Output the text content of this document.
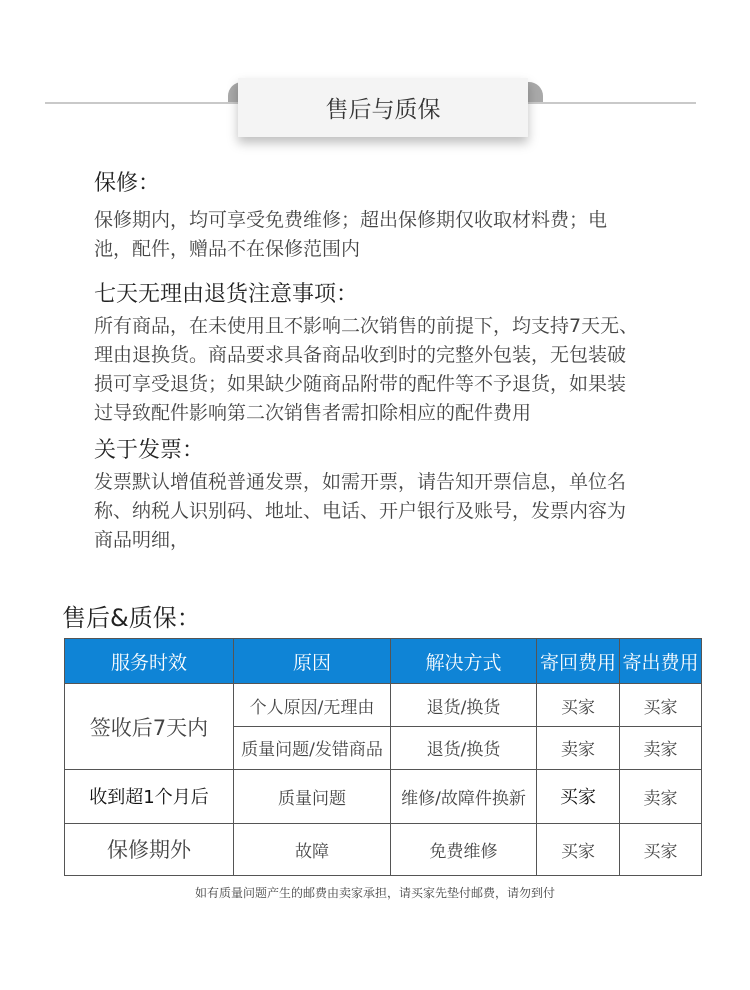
售后与质保
保修：
保修期内，均可享受免费维修；超出保修期仅收取材料费；电
池，配件，赠品不在保修范围内
七天无理由退货注意事项：
所有商品，在未使用且不影响二次销售的前提下，均支持7天无、
理由退换货。商品要求具备商品收到时的完整外包装，无包装破
损可享受退货；如果缺少随商品附带的配件等不予退货，如果装
过导致配件影响第二次销售者需扣除相应的配件费用
关于发票：
发票默认增值税普通发票，如需开票，请告知开票信息，单位名
称、纳税人识别码、地址、电话、开户银行及账号，发票内容为
商品明细，
售后&质保：
服务时效	原因	解决方式	寄回费用	寄出费用
签收后7天内	个人原因/无理由	退货/换货	买家	买家
	质量问题/发错商品	退货/换货	卖家	卖家
收到超1个月后	质量问题	维修/故障件换新	买家	卖家
保修期外	故障	免费维修	买家	买家
如有质量问题产生的邮费由卖家承担，请买家先垫付邮费，请勿到付
